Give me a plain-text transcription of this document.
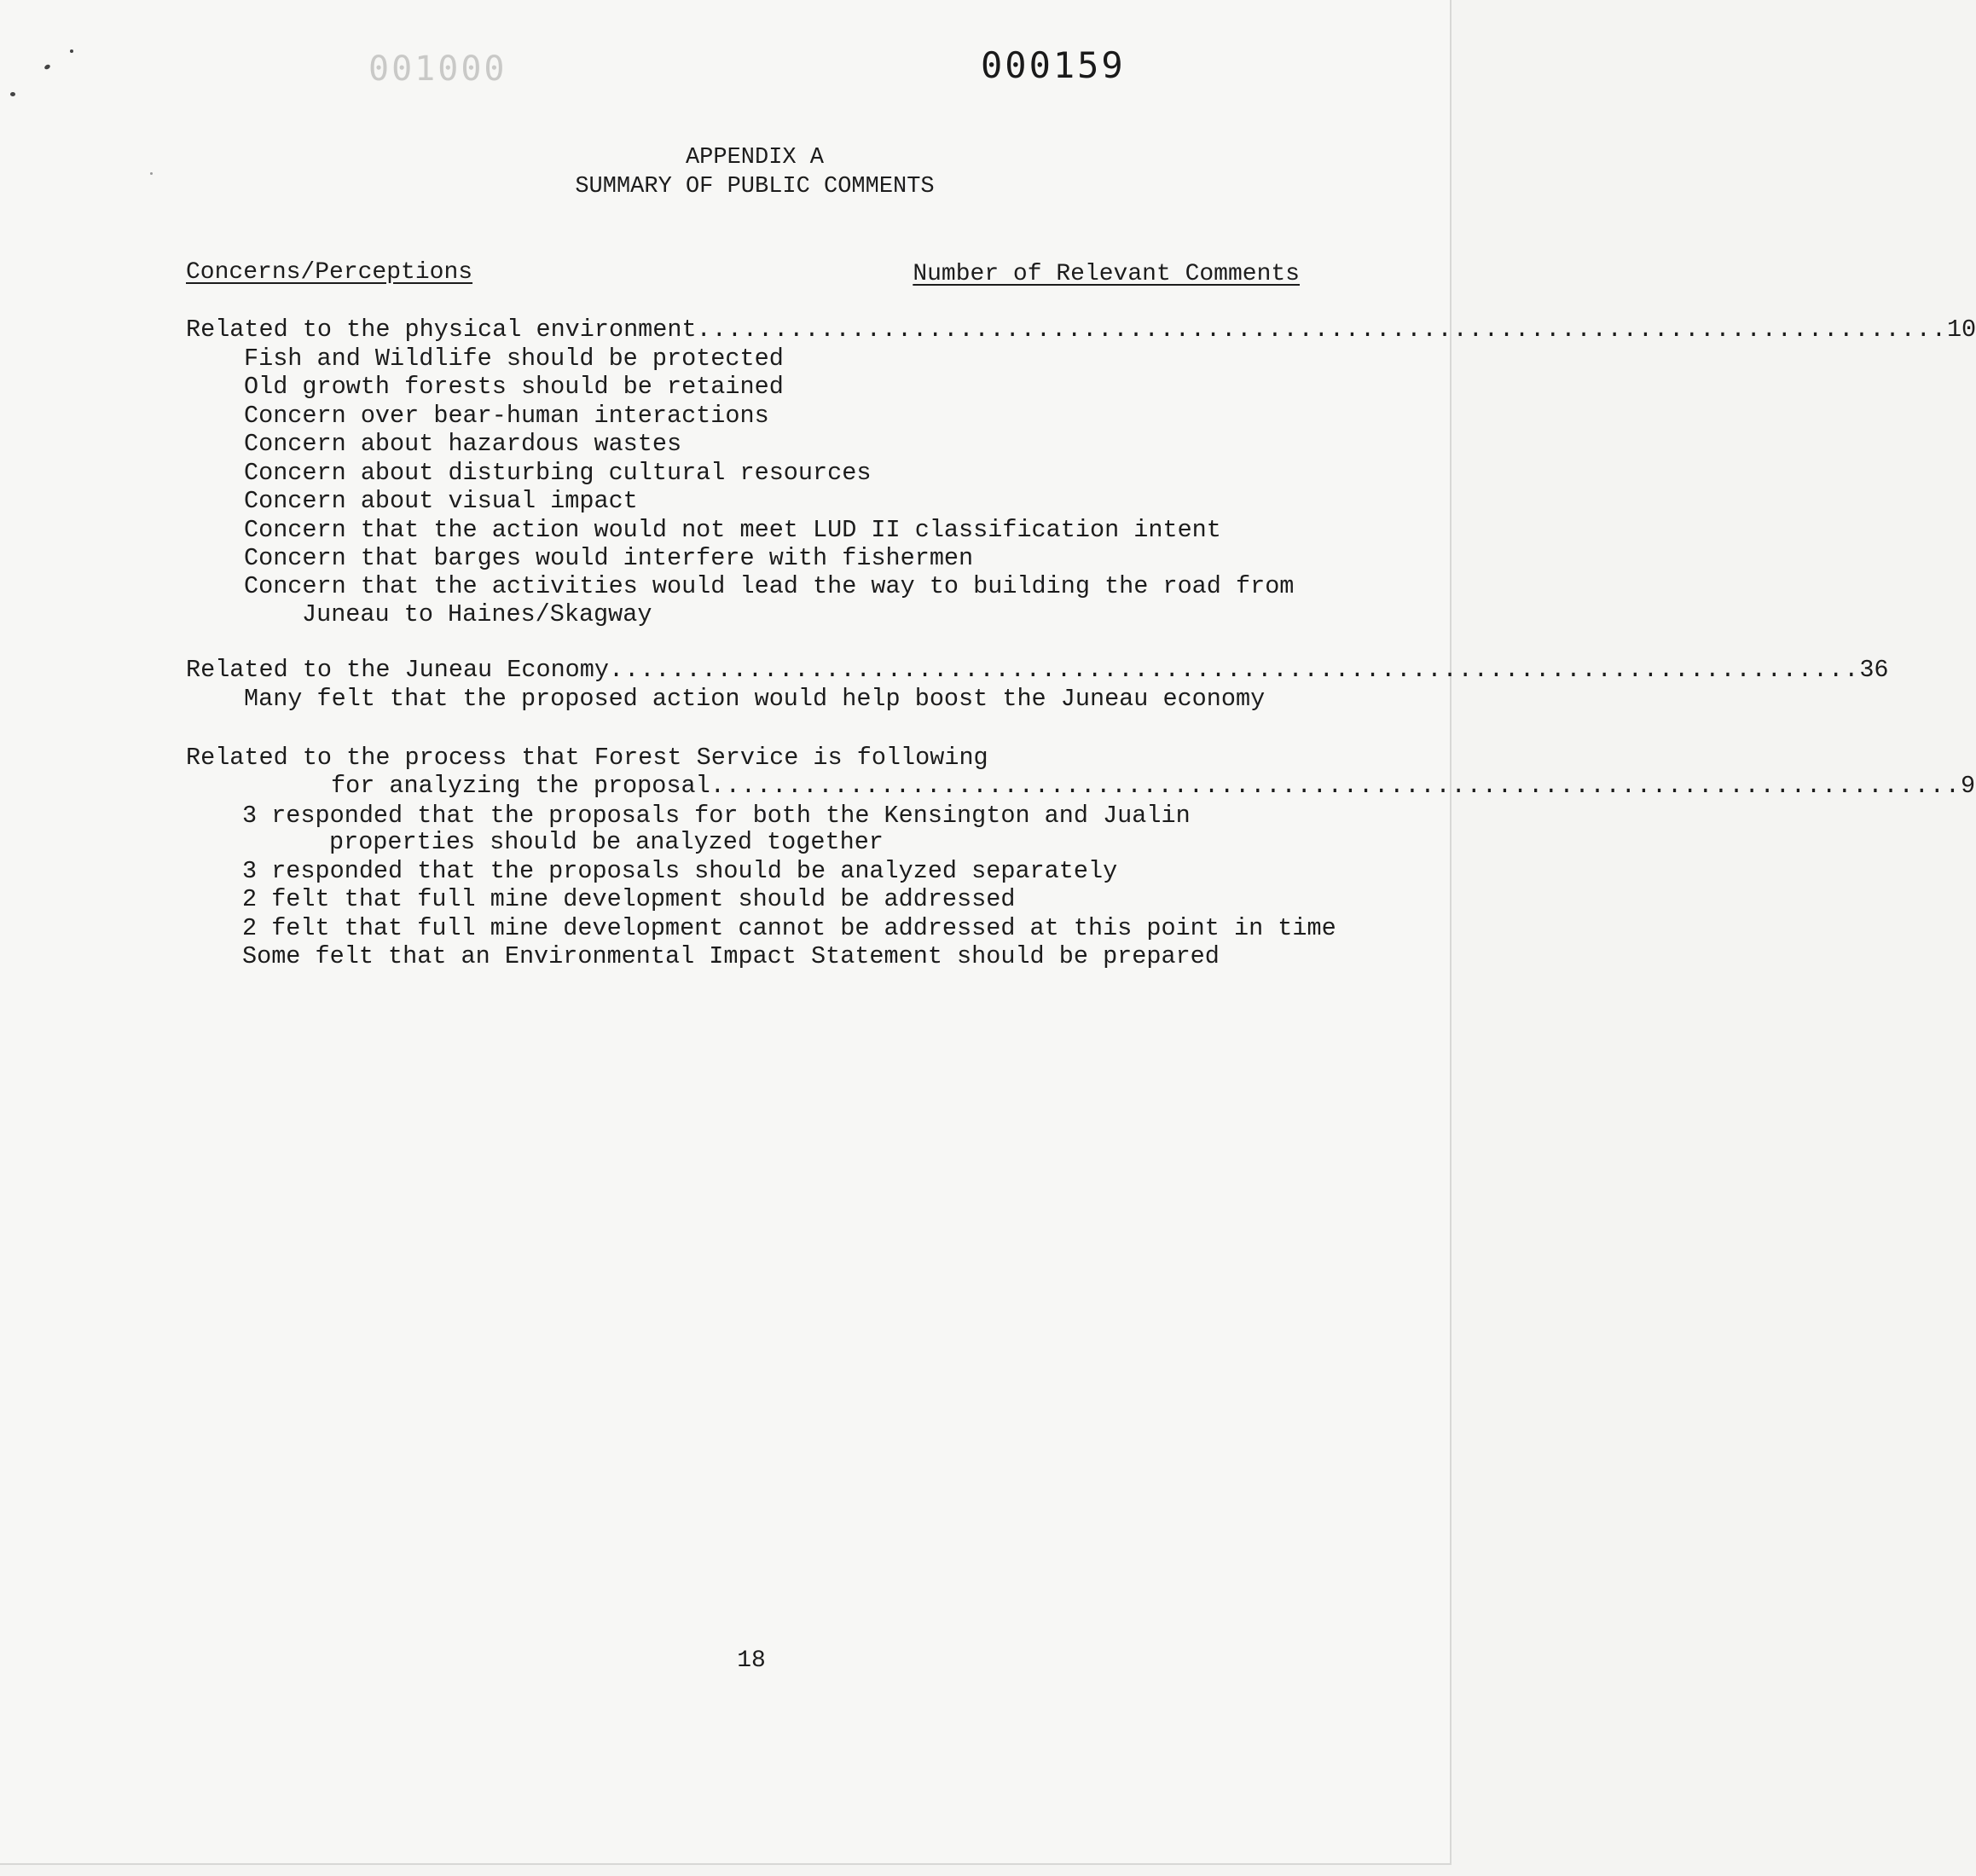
001000	000159
APPENDIX A
SUMMARY OF PUBLIC COMMENTS
Concerns/Perceptions	Number of Relevant Comments
Related to the physical environment ................................................................................. 10
Fish and Wildlife should be protected
Old growth forests should be retained
Concern over bear-human interactions
Concern about hazardous wastes
Concern about disturbing cultural resources
Concern about visual impact
Concern that the action would not meet LUD II classification intent
Concern that barges would interfere with fishermen
Concern that the activities would lead the way to building the road from
Juneau to Haines/Skagway
Related to the Juneau Economy ................................................................................. 36
Many felt that the proposed action would help boost the Juneau economy
Related to the process that Forest Service is following
for analyzing the proposal ................................................................................. 9
3 responded that the proposals for both the Kensington and Jualin
properties should be analyzed together
3 responded that the proposals should be analyzed separately
2 felt that full mine development should be addressed
2 felt that full mine development cannot be addressed at this point in time
Some felt that an Environmental Impact Statement should be prepared
18
